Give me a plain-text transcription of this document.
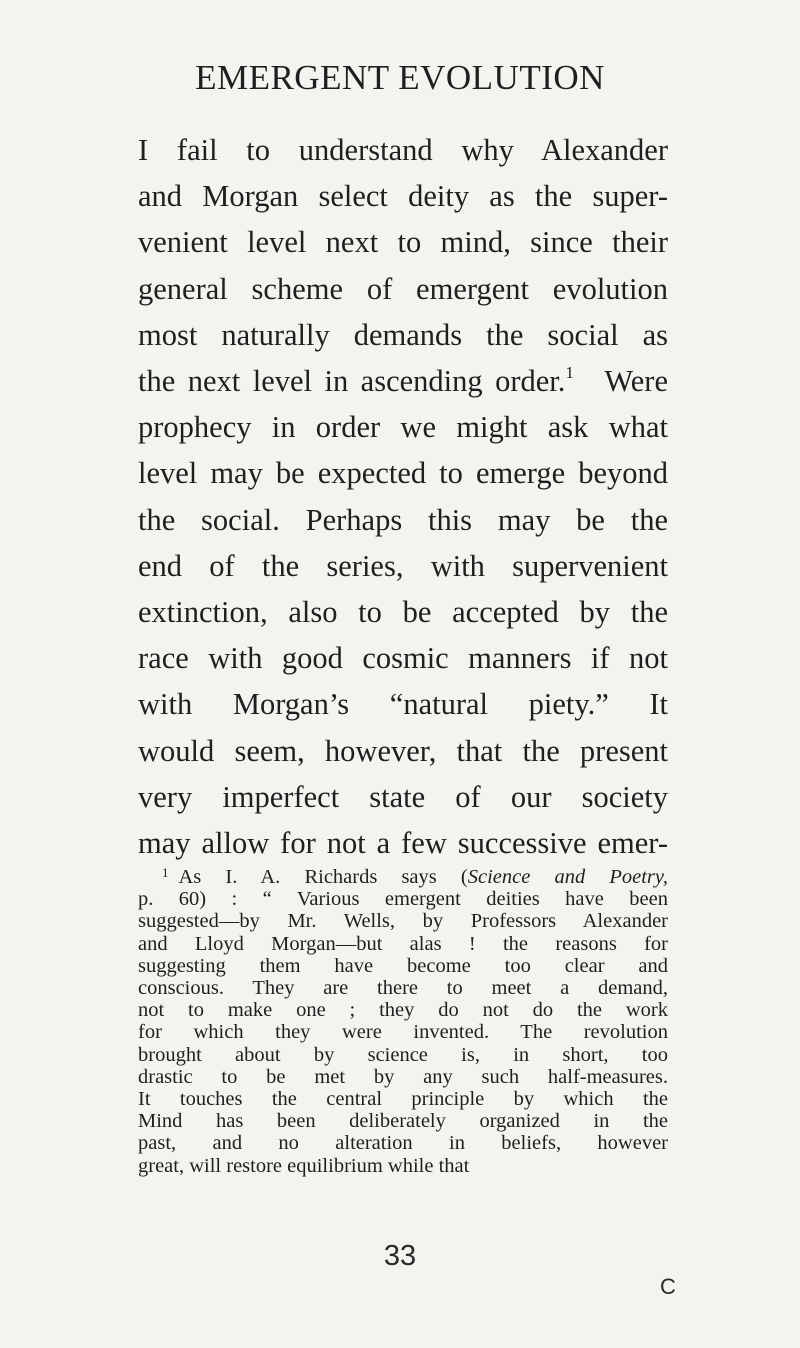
EMERGENT EVOLUTION
I fail to understand why Alexander
and Morgan select deity as the super-
venient level next to mind, since their
general scheme of emergent evolution
most naturally demands the social as
the next level in ascending order.$^1$  Were
prophecy in order we might ask what
level may be expected to emerge beyond
the social. Perhaps this may be the
end of the series, with supervenient
extinction, also to be accepted by the
race with good cosmic manners if not
with Morgan’s “natural piety.” It
would seem, however, that the present
very imperfect state of our society
may allow for not a few successive emer-
$^1$ As I. A. Richards says (Science and Poetry,
p. 60) : “ Various emergent deities have been
suggested—by Mr. Wells, by Professors Alexander
and Lloyd Morgan—but alas ! the reasons for
suggesting them have become too clear and
conscious. They are there to meet a demand,
not to make one ; they do not do the work
for which they were invented. The revolution
brought about by science is, in short, too
drastic to be met by any such half-measures.
It touches the central principle by which the
Mind has been deliberately organized in the
past, and no alteration in beliefs, however
great, will restore equilibrium while that
33
C
